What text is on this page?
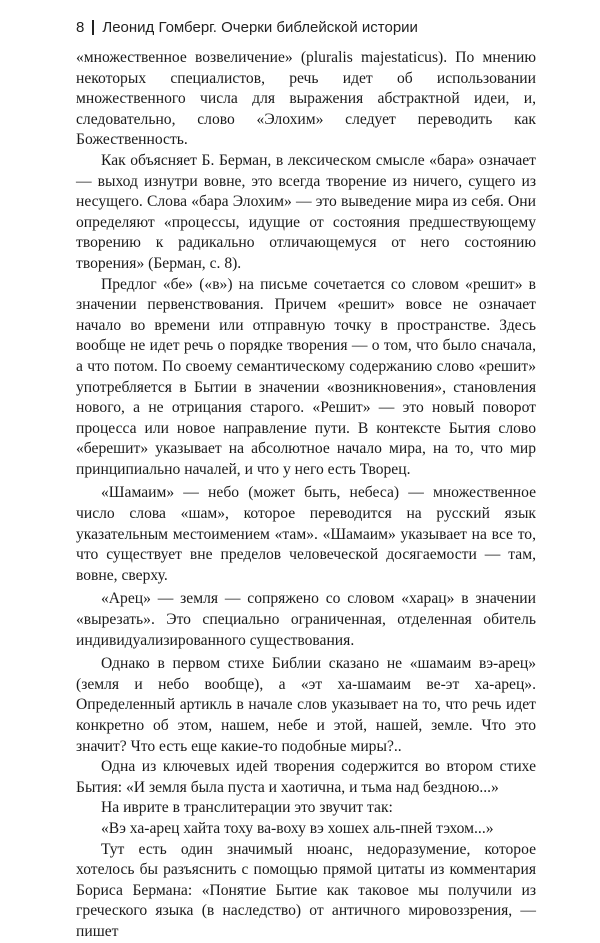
8 Леонид Гомберг. Очерки библейской истории

«множественное возвеличение» (pluralis majestaticus). По мнению некоторых специалистов, речь идет об использовании множественного числа для выражения абстрактной идеи, и, следовательно, слово «Элохим» следует переводить как Божественность.

Как объясняет Б. Берман, в лексическом смысле «бара» означает — выход изнутри вовне, это всегда творение из ничего, сущего из несущего. Слова «бара Элохим» — это выведение мира из себя. Они определяют «процессы, идущие от состояния предшествующему творению к радикально отличающемуся от него состоянию творения» (Берман, с. 8).

Предлог «бе» («в») на письме сочетается со словом «решит» в значении первенствования. Причем «решит» вовсе не означает начало во времени или отправную точку в пространстве. Здесь вообще не идет речь о порядке творения — о том, что было сначала, а что потом. По своему семантическому содержанию слово «решит» употребляется в Бытии в значении «возникновения», становления нового, а не отрицания старого. «Решит» — это новый поворот процесса или новое направление пути. В контексте Бытия слово «берешит» указывает на абсолютное начало мира, на то, что мир принципиально началей, и что у него есть Творец.

«Шамаим» — небо (может быть, небеса) — множественное число слова «шам», которое переводится на русский язык указательным местоимением «там». «Шамаим» указывает на все то, что существует вне пределов человеческой досягаемости — там, вовне, сверху.

«Арец» — земля — сопряжено со словом «харац» в значении «вырезать». Это специально ограниченная, отделенная обитель индивидуализированного существования.

Однако в первом стихе Библии сказано не «шамаим вэ-арец» (земля и небо вообще), а «эт ха-шамаим ве-эт ха-арец». Определенный артикль в начале слов указывает на то, что речь идет конкретно об этом, нашем, небе и этой, нашей, земле. Что это значит? Что есть еще какие-то подобные миры?..

Одна из ключевых идей творения содержится во втором стихе Бытия: «И земля была пуста и хаотична, и тьма над бездною...»

На иврите в транслитерации это звучит так:

«Вэ ха-арец хайта тоху ва-воху вэ хошех аль-пней тэхом...»

Тут есть один значимый нюанс, недоразумение, которое хотелось бы разъяснить с помощью прямой цитаты из комментария Бориса Бермана: «Понятие Бытие как таковое мы получили из греческого языка (в наследство) от античного мировоззрения, — пишет
